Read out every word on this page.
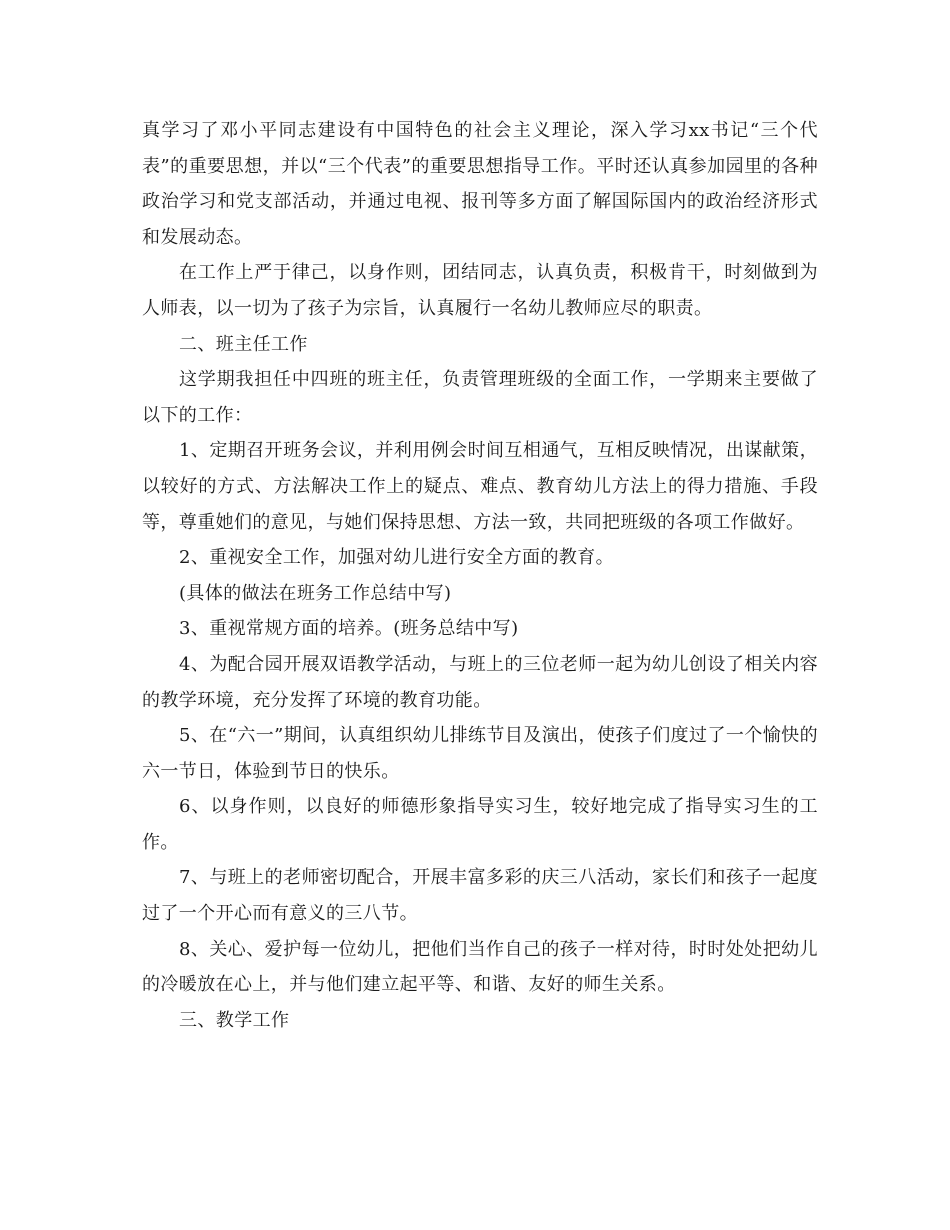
真学习了邓小平同志建设有中国特色的社会主义理论，深入学习xx书记“三个代表”的重要思想，并以“三个代表”的重要思想指导工作。平时还认真参加园里的各种政治学习和党支部活动，并通过电视、报刊等多方面了解国际国内的政治经济形式和发展动态。

在工作上严于律己，以身作则，团结同志，认真负责，积极肯干，时刻做到为人师表，以一切为了孩子为宗旨，认真履行一名幼儿教师应尽的职责。

二、班主任工作

这学期我担任中四班的班主任，负责管理班级的全面工作，一学期来主要做了以下的工作：

1、定期召开班务会议，并利用例会时间互相通气，互相反映情况，出谋献策，以较好的方式、方法解决工作上的疑点、难点、教育幼儿方法上的得力措施、手段等，尊重她们的意见，与她们保持思想、方法一致，共同把班级的各项工作做好。

2、重视安全工作，加强对幼儿进行安全方面的教育。

(具体的做法在班务工作总结中写)

3、重视常规方面的培养。(班务总结中写)

4、为配合园开展双语教学活动，与班上的三位老师一起为幼儿创设了相关内容的教学环境，充分发挥了环境的教育功能。

5、在“六一”期间，认真组织幼儿排练节目及演出，使孩子们度过了一个愉快的六一节日，体验到节日的快乐。

6、以身作则，以良好的师德形象指导实习生，较好地完成了指导实习生的工作。

7、与班上的老师密切配合，开展丰富多彩的庆三八活动，家长们和孩子一起度过了一个开心而有意义的三八节。

8、关心、爱护每一位幼儿，把他们当作自己的孩子一样对待，时时处处把幼儿的冷暖放在心上，并与他们建立起平等、和谐、友好的师生关系。

三、教学工作
